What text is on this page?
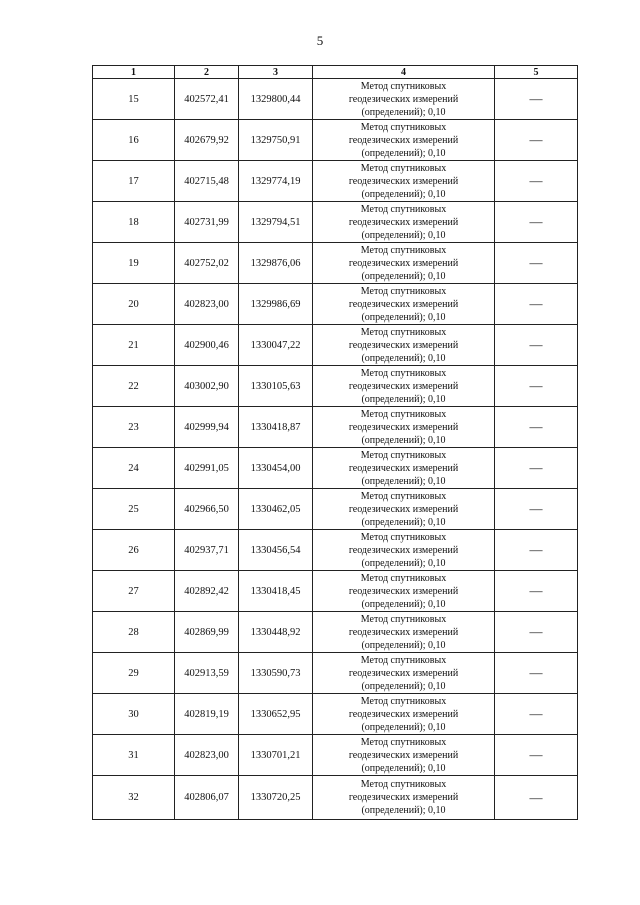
5
1	2	3	4	5
15	402572,41	1329800,44	Метод спутниковых
геодезических измерений
(определений); 0,10	—
16	402679,92	1329750,91	Метод спутниковых
геодезических измерений
(определений); 0,10	—
17	402715,48	1329774,19	Метод спутниковых
геодезических измерений
(определений); 0,10	—
18	402731,99	1329794,51	Метод спутниковых
геодезических измерений
(определений); 0,10	—
19	402752,02	1329876,06	Метод спутниковых
геодезических измерений
(определений); 0,10	—
20	402823,00	1329986,69	Метод спутниковых
геодезических измерений
(определений); 0,10	—
21	402900,46	1330047,22	Метод спутниковых
геодезических измерений
(определений); 0,10	—
22	403002,90	1330105,63	Метод спутниковых
геодезических измерений
(определений); 0,10	—
23	402999,94	1330418,87	Метод спутниковых
геодезических измерений
(определений); 0,10	—
24	402991,05	1330454,00	Метод спутниковых
геодезических измерений
(определений); 0,10	—
25	402966,50	1330462,05	Метод спутниковых
геодезических измерений
(определений); 0,10	—
26	402937,71	1330456,54	Метод спутниковых
геодезических измерений
(определений); 0,10	—
27	402892,42	1330418,45	Метод спутниковых
геодезических измерений
(определений); 0,10	—
28	402869,99	1330448,92	Метод спутниковых
геодезических измерений
(определений); 0,10	—
29	402913,59	1330590,73	Метод спутниковых
геодезических измерений
(определений); 0,10	—
30	402819,19	1330652,95	Метод спутниковых
геодезических измерений
(определений); 0,10	—
31	402823,00	1330701,21	Метод спутниковых
геодезических измерений
(определений); 0,10	—
32	402806,07	1330720,25	Метод спутниковых
геодезических измерений
(определений); 0,10	—
